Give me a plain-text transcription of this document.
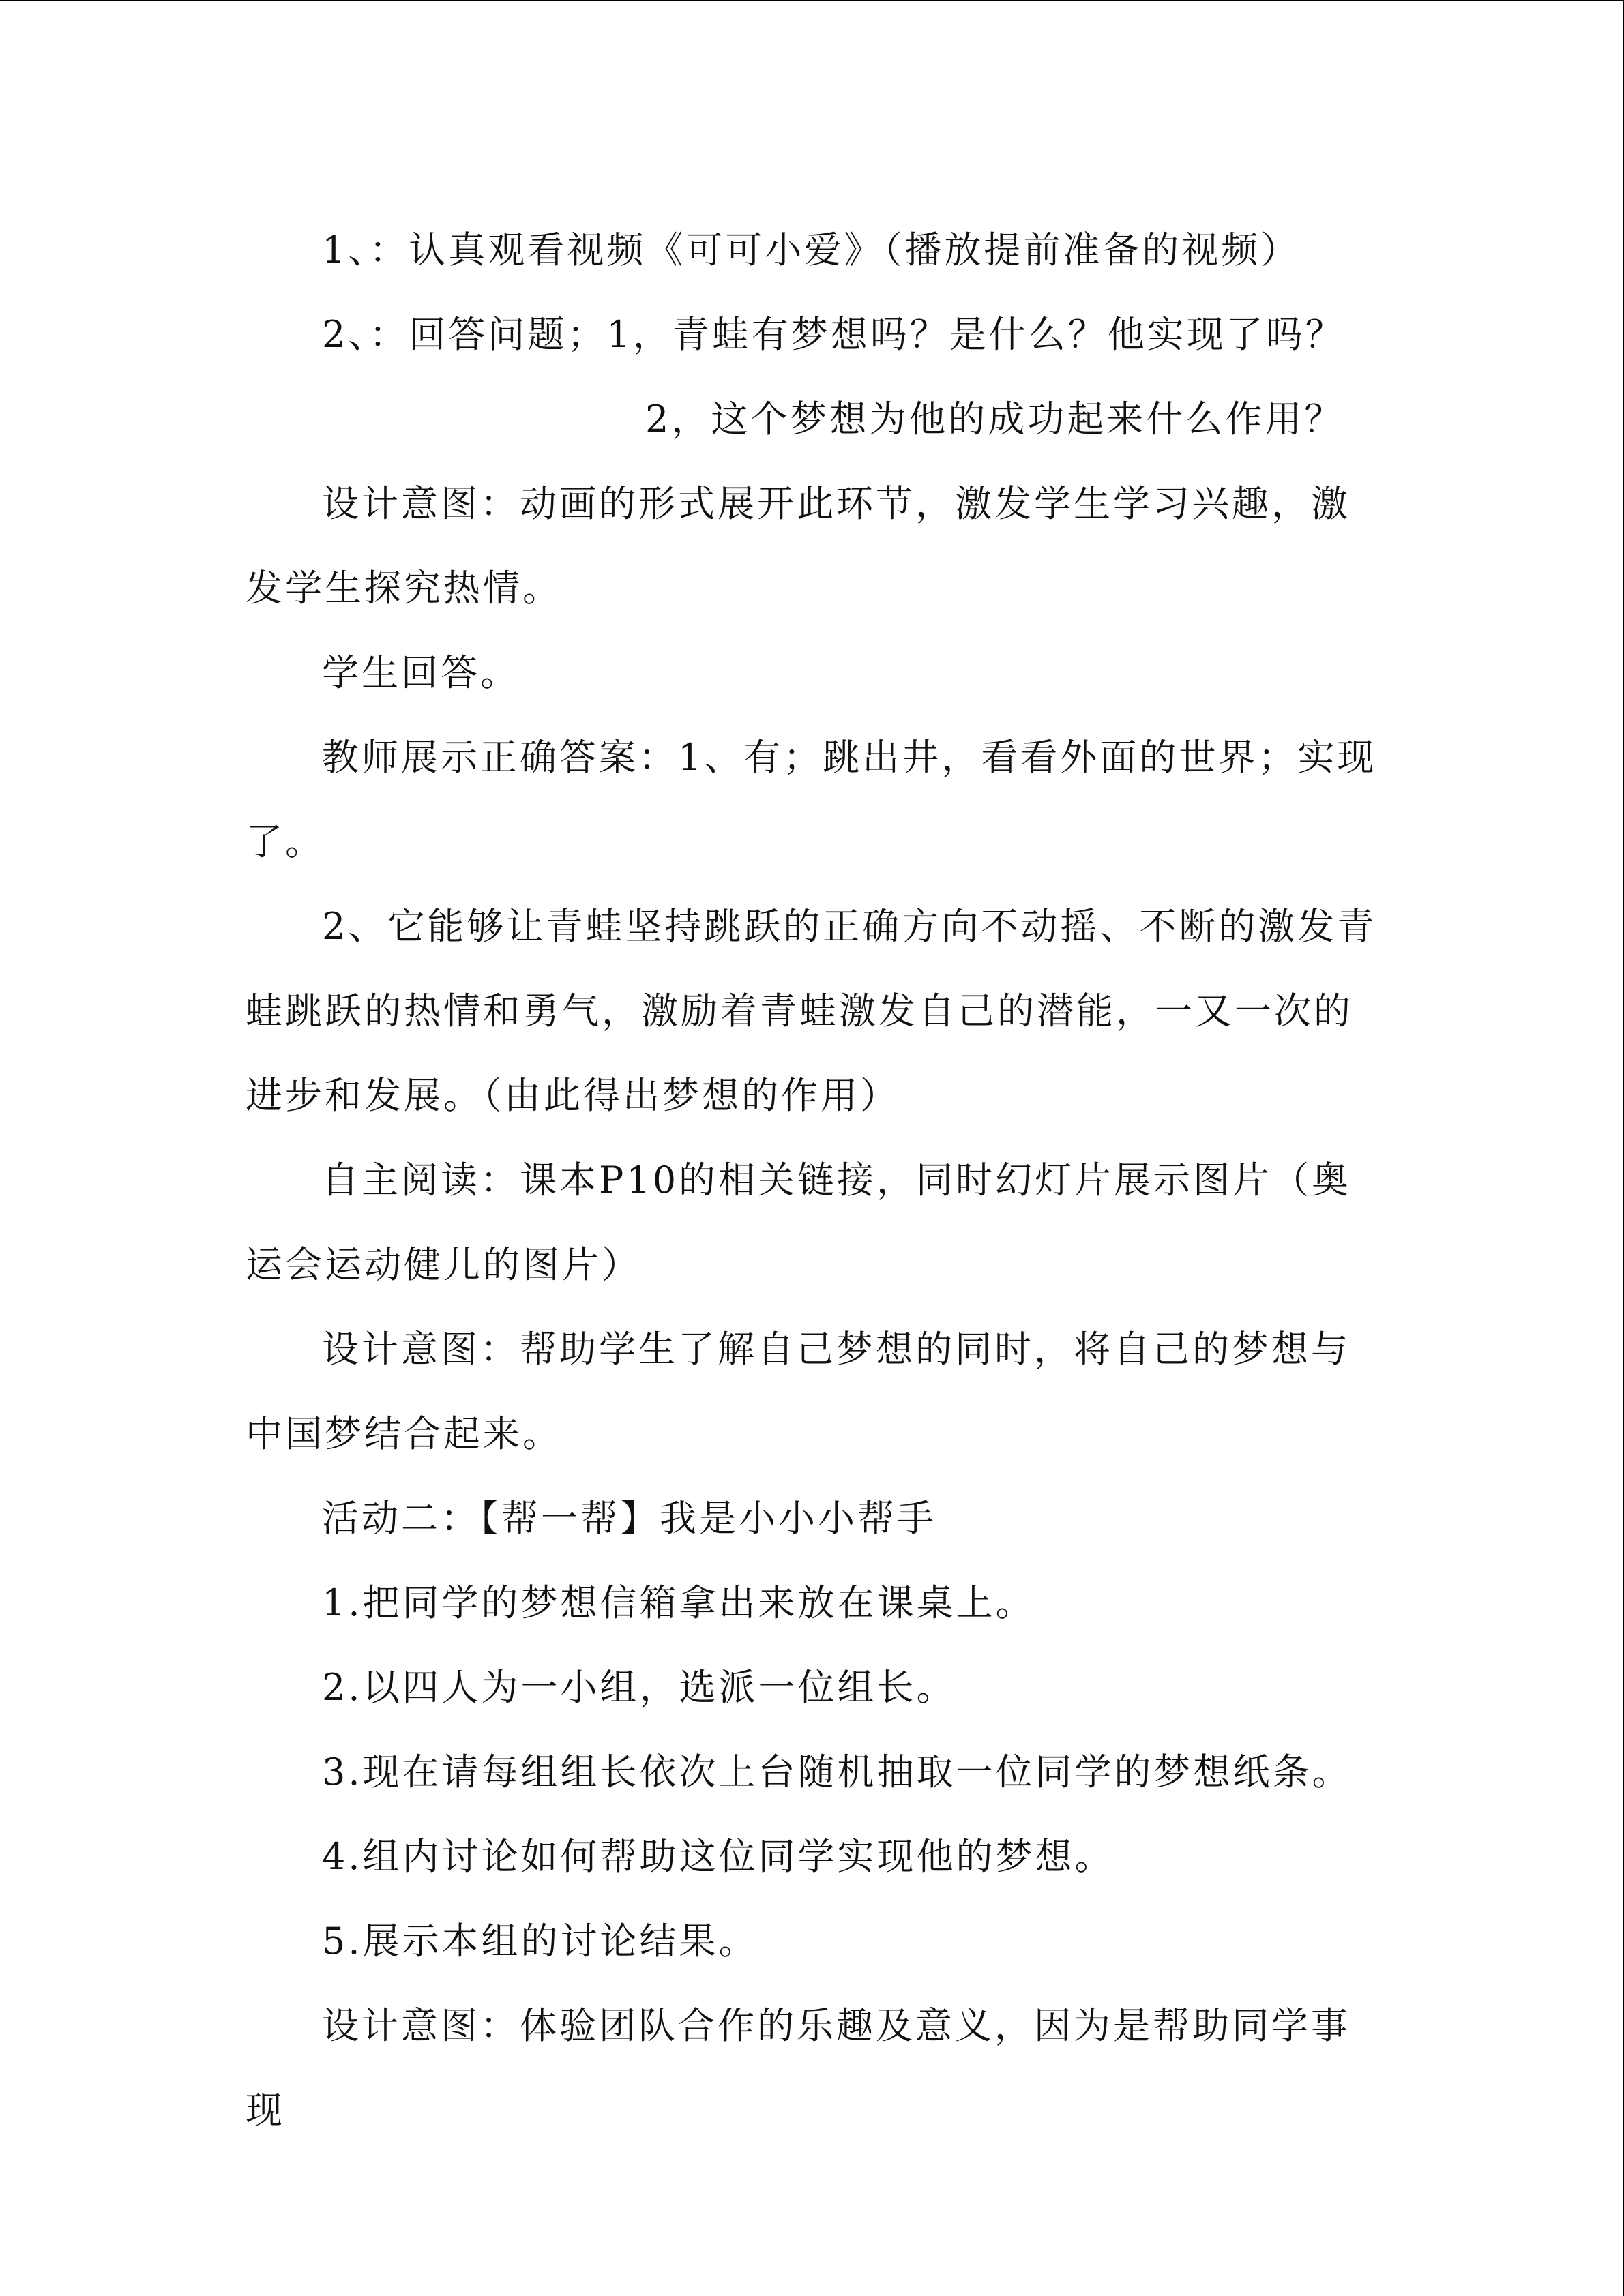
1、：认真观看视频《可可小爱》（播放提前准备的视频）

2、：回答问题；1，青蛙有梦想吗？是什么？他实现了吗？

2，这个梦想为他的成功起来什么作用？

设计意图：动画的形式展开此环节，激发学生学习兴趣，激发学生探究热情。

学生回答。

教师展示正确答案：1、有；跳出井，看看外面的世界；实现了。

2、它能够让青蛙坚持跳跃的正确方向不动摇、不断的激发青蛙跳跃的热情和勇气，激励着青蛙激发自己的潜能，一又一次的进步和发展。（由此得出梦想的作用）

自主阅读：课本P10的相关链接，同时幻灯片展示图片（奥运会运动健儿的图片）

设计意图：帮助学生了解自己梦想的同时，将自己的梦想与中国梦结合起来。

活动二：【帮一帮】我是小小小帮手

1.把同学的梦想信箱拿出来放在课桌上。

2.以四人为一小组，选派一位组长。

3.现在请每组组长依次上台随机抽取一位同学的梦想纸条。

4.组内讨论如何帮助这位同学实现他的梦想。

5.展示本组的讨论结果。

设计意图：体验团队合作的乐趣及意义，因为是帮助同学事现
